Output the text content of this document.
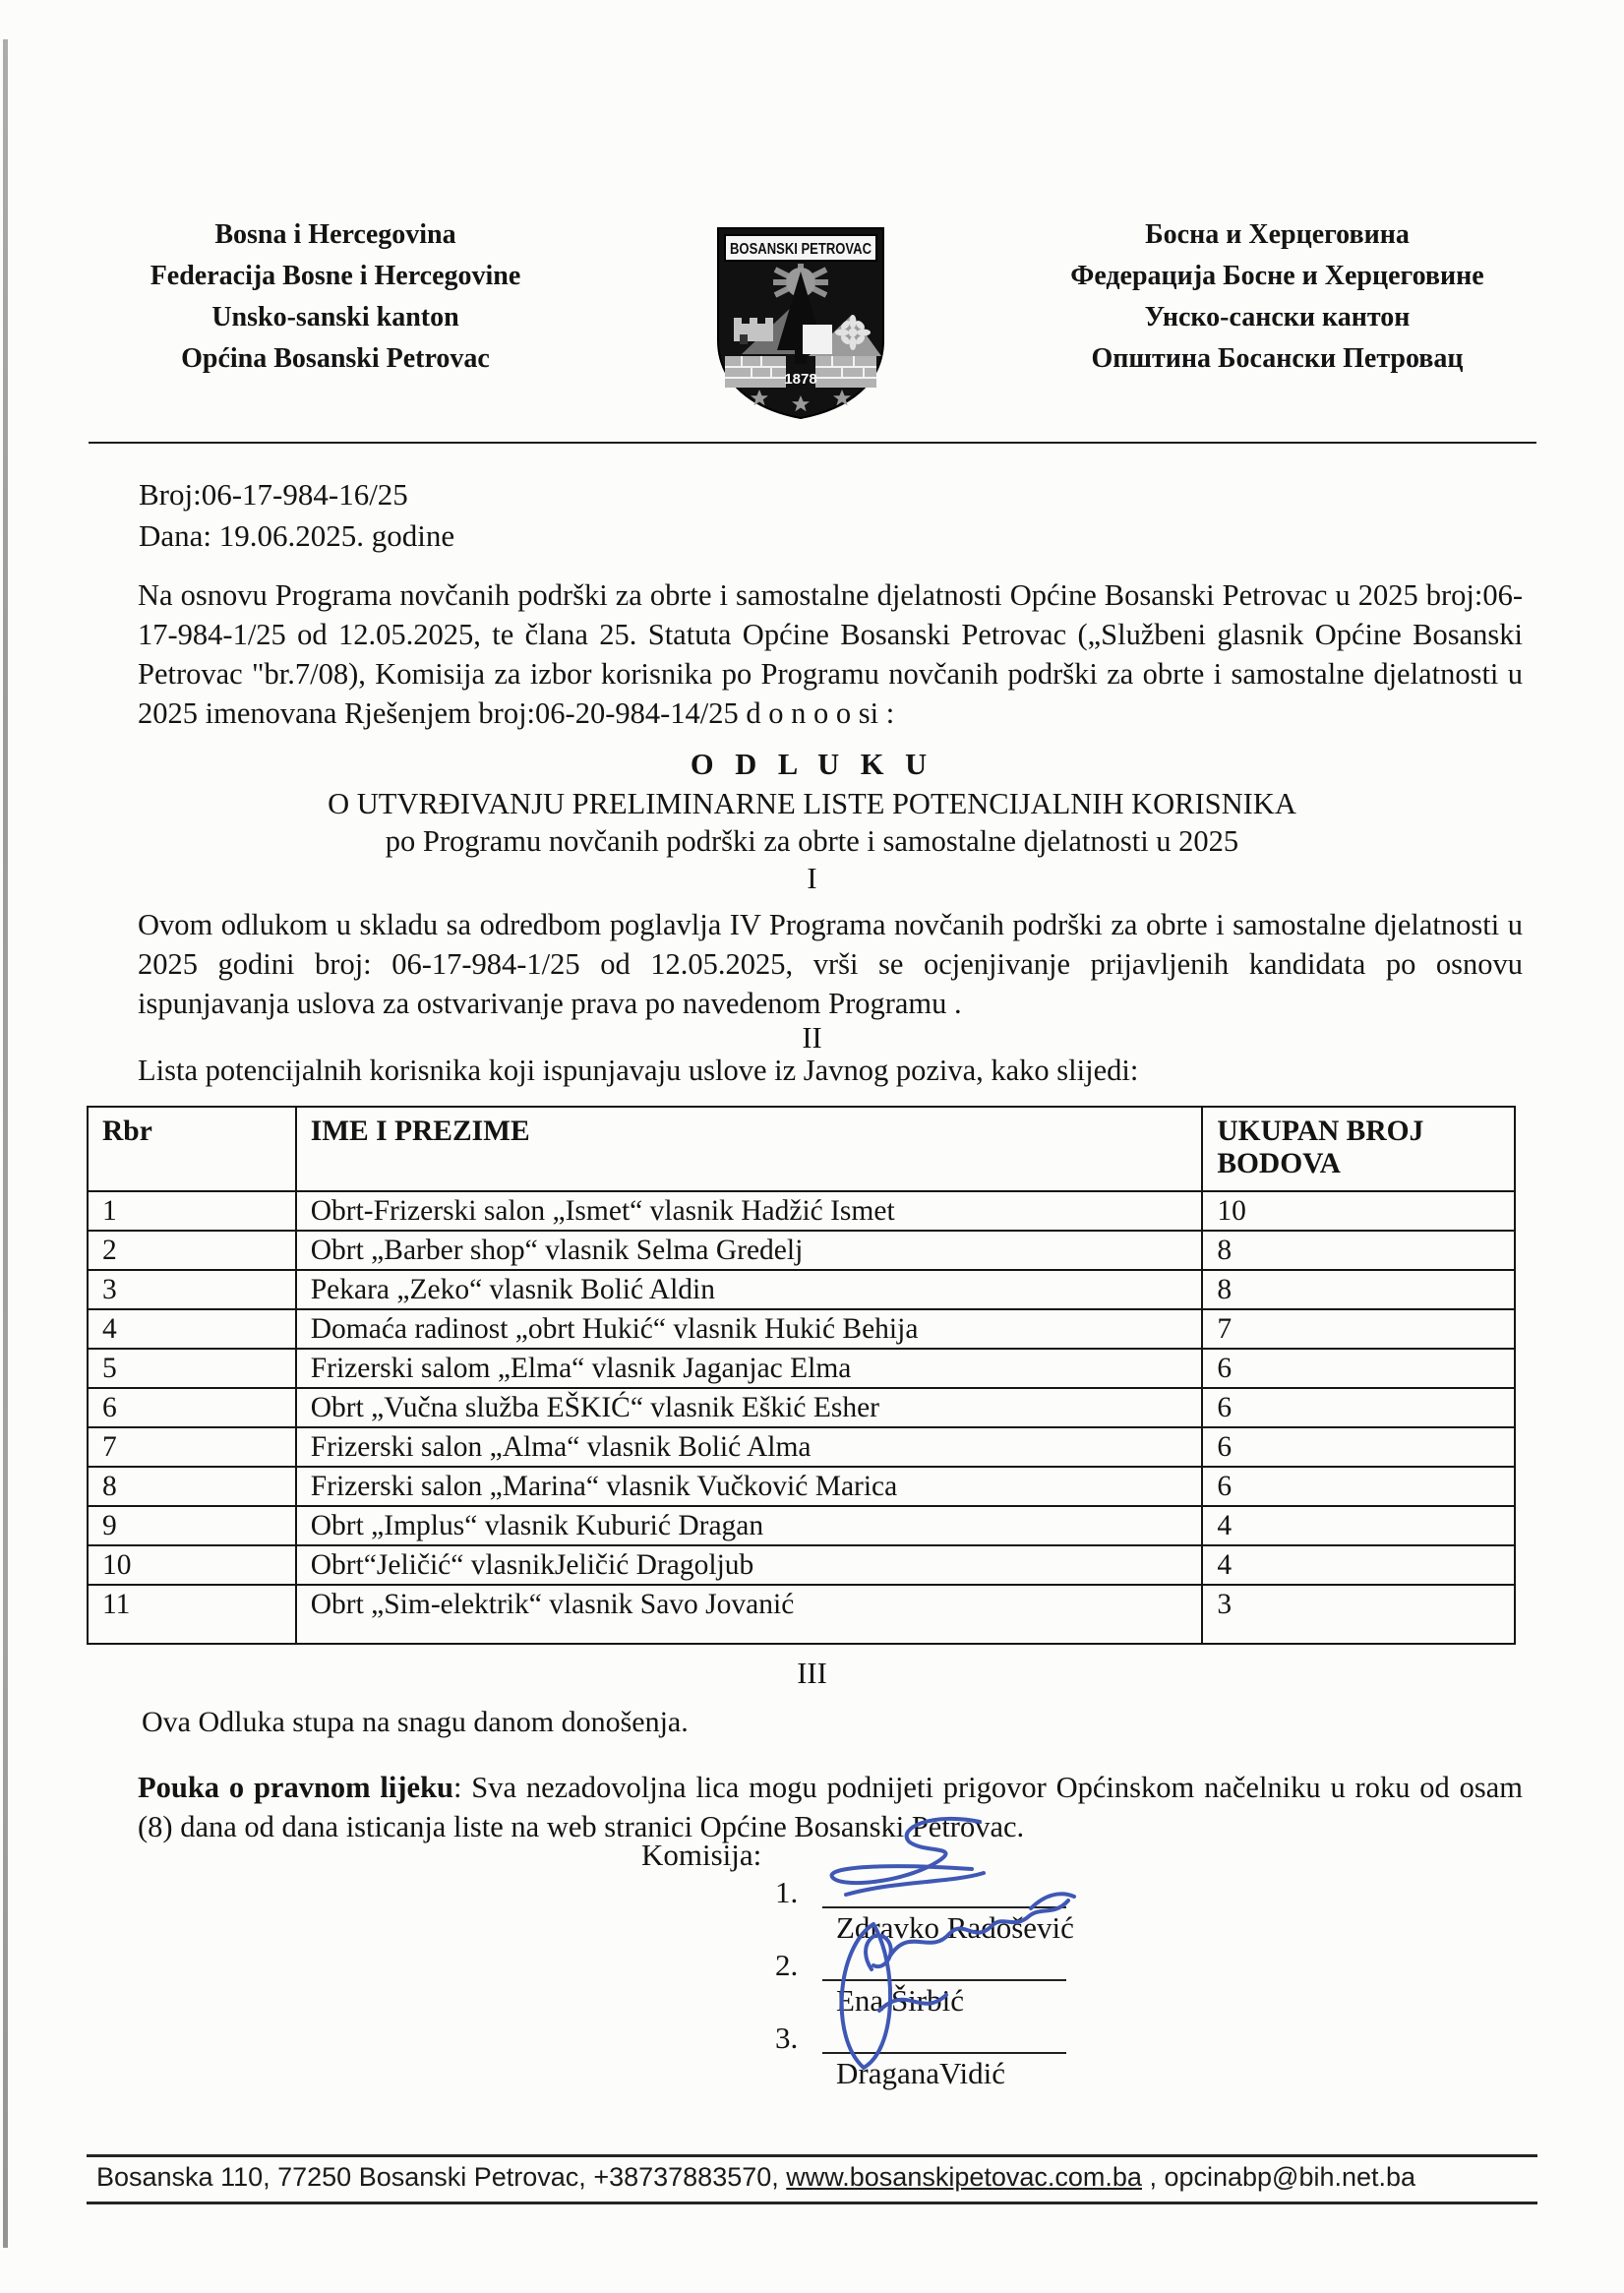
Bosna i Hercegovina
Federacija Bosne i Hercegovine
Unsko-sanski kanton
Općina Bosanski Petrovac
BOSANSKI PETROVAC
1878
Босна и Херцеговина
Федерација Босне и Херцеговине
Унско-сански кантон
Општина Босански Петровац
Broj:06-17-984-16/25
Dana: 19.06.2025. godine

Na osnovu Programa novčanih podrški za obrte i samostalne djelatnosti Općine Bosanski Petrovac u 2025 broj:06-17-984-1/25 od 12.05.2025, te člana 25. Statuta Općine Bosanski Petrovac („Službeni glasnik Općine Bosanski Petrovac "br.7/08), Komisija za izbor korisnika po Programu novčanih podrški za obrte i samostalne djelatnosti u 2025 imenovana Rješenjem broj:06-20-984-14/25 d o n o o si :

O D L U K U
O UTVRĐIVANJU PRELIMINARNE LISTE POTENCIJALNIH KORISNIKA
po Programu novčanih podrški za obrte i samostalne djelatnosti u 2025
I

Ovom odlukom u skladu sa odredbom poglavlja IV Programa novčanih podrški za obrte i samostalne djelatnosti u 2025 godini broj: 06-17-984-1/25 od 12.05.2025, vrši se ocjenjivanje prijavljenih kandidata po osnovu ispunjavanja uslova za ostvarivanje prava po navedenom Programu .

II
Lista potencijalnih korisnika koji ispunjavaju uslove iz Javnog poziva, kako slijedi:
Rbr	IME I PREZIME	UKUPAN BROJ BODOVA
1	Obrt-Frizerski salon „Ismet“ vlasnik Hadžić Ismet	10
2	Obrt „Barber shop“ vlasnik Selma Gredelj	8
3	Pekara „Zeko“ vlasnik Bolić Aldin	8
4	Domaća radinost „obrt Hukić“ vlasnik Hukić Behija	7
5	Frizerski salom „Elma“ vlasnik Jaganjac Elma	6
6	Obrt „Vučna služba EŠKIĆ“ vlasnik Eškić Esher	6
7	Frizerski salon „Alma“ vlasnik Bolić Alma	6
8	Frizerski salon „Marina“ vlasnik Vučković Marica	6
9	Obrt „Implus“ vlasnik Kuburić Dragan	4
10	Obrt“Jeličić“ vlasnikJeličić Dragoljub	4
11	Obrt „Sim-elektrik“ vlasnik Savo Jovanić	3
III
Ova Odluka stupa na snagu danom donošenja.

Pouka o pravnom lijeku: Sva nezadovoljna lica mogu podnijeti prigovor Općinskom načelniku u roku od osam (8) dana od dana isticanja liste na web stranici Općine Bosanski Petrovac.

Komisija:
1.
Zdravko Radošević
2.
Ena Širbić
3.
DraganaVidić
Bosanska 110, 77250 Bosanski Petrovac, +38737883570, www.bosanskipetovac.com.ba , opcinabp@bih.net.ba
